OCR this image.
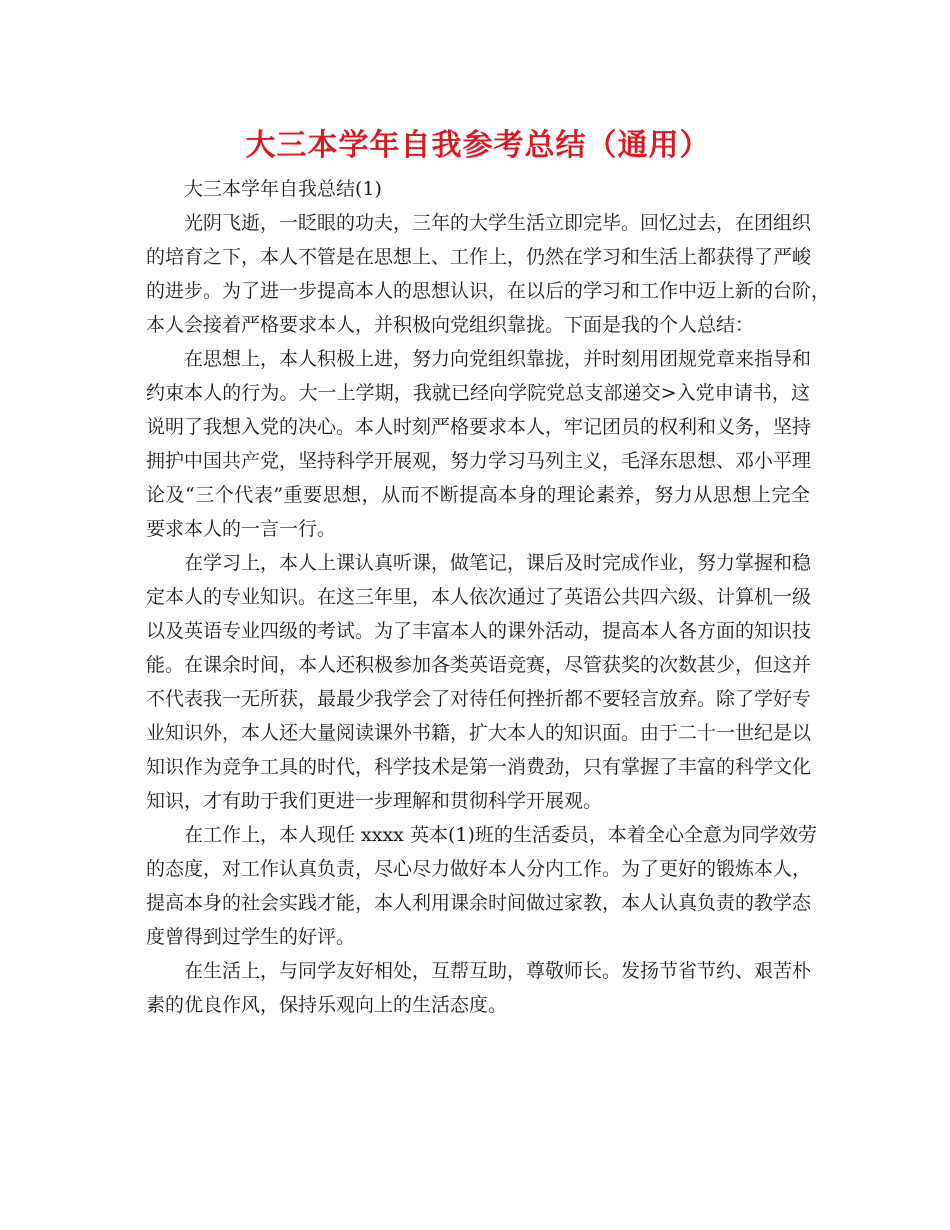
大三本学年自我参考总结（通用）
大三本学年自我总结(1)
光阴飞逝，一眨眼的功夫，三年的大学生活立即完毕。回忆过去，在团组织
的培育之下，本人不管是在思想上、工作上，仍然在学习和生活上都获得了严峻
的进步。为了进一步提高本人的思想认识，在以后的学习和工作中迈上新的台阶，
本人会接着严格要求本人，并积极向党组织靠拢。下面是我的个人总结：
在思想上，本人积极上进，努力向党组织靠拢，并时刻用团规党章来指导和
约束本人的行为。大一上学期，我就已经向学院党总支部递交>入党申请书，这
说明了我想入党的决心。本人时刻严格要求本人，牢记团员的权利和义务，坚持
拥护中国共产党，坚持科学开展观，努力学习马列主义，毛泽东思想、邓小平理
论及“三个代表”重要思想，从而不断提高本身的理论素养，努力从思想上完全
要求本人的一言一行。
在学习上，本人上课认真听课，做笔记，课后及时完成作业，努力掌握和稳
定本人的专业知识。在这三年里，本人依次通过了英语公共四六级、计算机一级
以及英语专业四级的考试。为了丰富本人的课外活动，提高本人各方面的知识技
能。在课余时间，本人还积极参加各类英语竞赛，尽管获奖的次数甚少，但这并
不代表我一无所获，最最少我学会了对待任何挫折都不要轻言放弃。除了学好专
业知识外，本人还大量阅读课外书籍，扩大本人的知识面。由于二十一世纪是以
知识作为竞争工具的时代，科学技术是第一消费劲，只有掌握了丰富的科学文化
知识，才有助于我们更进一步理解和贯彻科学开展观。
在工作上，本人现任 xxxx 英本(1)班的生活委员，本着全心全意为同学效劳
的态度，对工作认真负责，尽心尽力做好本人分内工作。为了更好的锻炼本人，
提高本身的社会实践才能，本人利用课余时间做过家教，本人认真负责的教学态
度曾得到过学生的好评。
在生活上，与同学友好相处，互帮互助，尊敬师长。发扬节省节约、艰苦朴
素的优良作风，保持乐观向上的生活态度。
